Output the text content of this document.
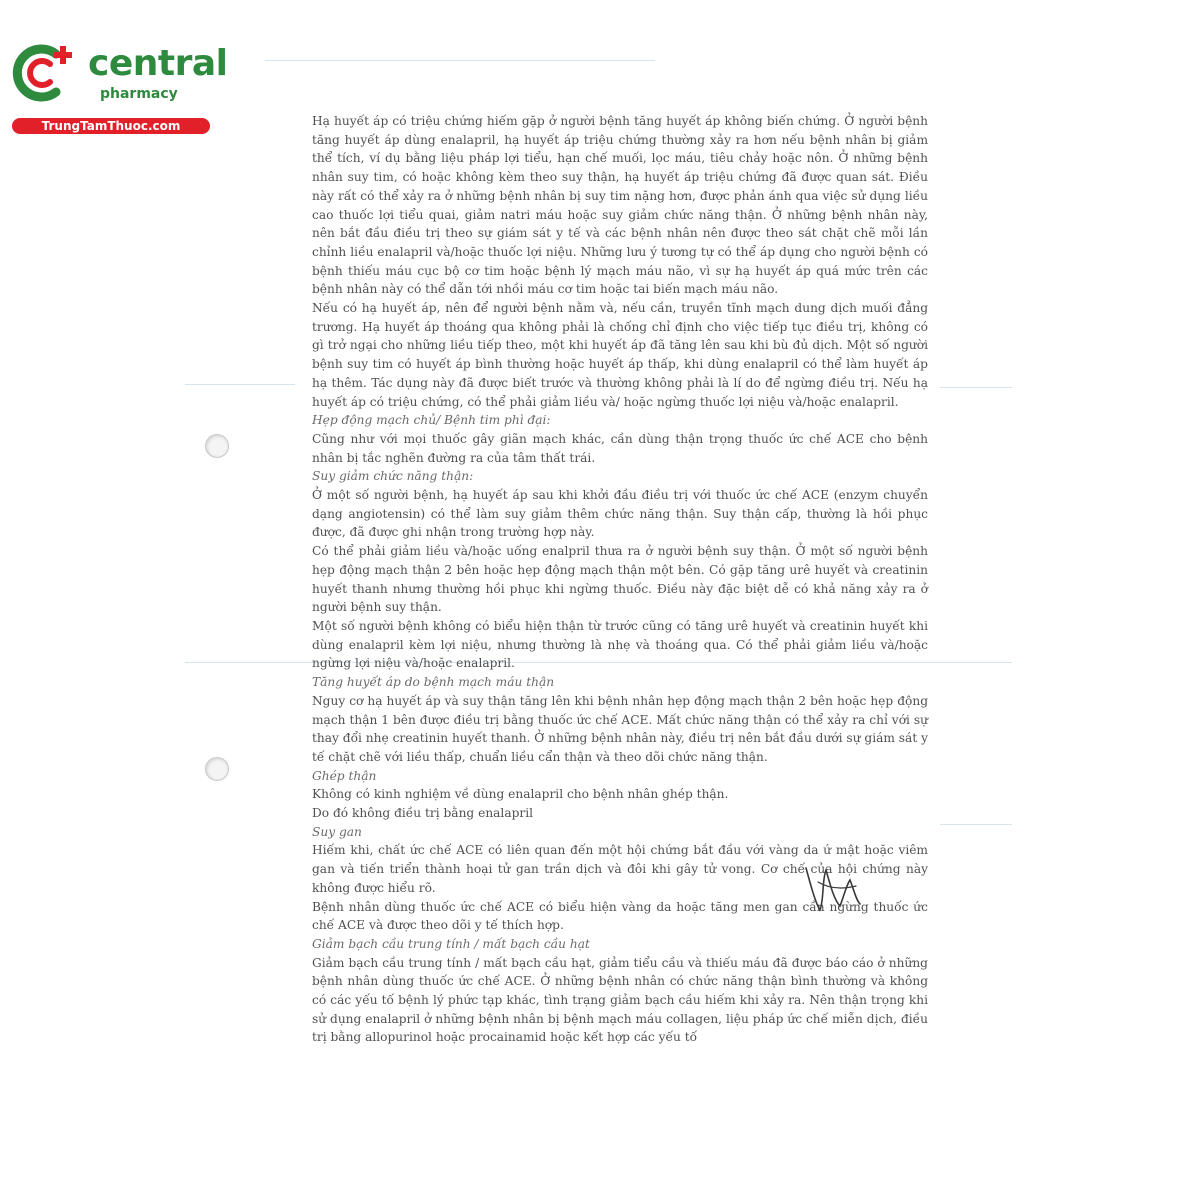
central
pharmacy
TrungTamThuoc.com	Hạ huyết áp có triệu chứng hiếm gặp ở người bệnh tăng huyết áp không biến chứng. Ở người bệnh tăng huyết áp dùng enalapril, hạ huyết áp triệu chứng thường xảy ra hơn nếu bệnh nhân bị giảm thể tích, ví dụ bằng liệu pháp lợi tiểu, hạn chế muối, lọc máu, tiêu chảy hoặc nôn. Ở những bệnh nhân suy tim, có hoặc không kèm theo suy thận, hạ huyết áp triệu chứng đã được quan sát. Điều này rất có thể xảy ra ở những bệnh nhân bị suy tim nặng hơn, được phản ánh qua việc sử dụng liều cao thuốc lợi tiểu quai, giảm natri máu hoặc suy giảm chức năng thận. Ở những bệnh nhân này, nên bắt đầu điều trị theo sự giám sát y tế và các bệnh nhân nên được theo sát chặt chẽ mỗi lần chỉnh liều enalapril và/hoặc thuốc lợi niệu. Những lưu ý tương tự có thể áp dụng cho người bệnh có bệnh thiếu máu cục bộ cơ tim hoặc bệnh lý mạch máu não, vì sự hạ huyết áp quá mức trên các bệnh nhân này có thể dẫn tới nhồi máu cơ tim hoặc tai biến mạch máu não.

Nếu có hạ huyết áp, nên để người bệnh nằm và, nếu cần, truyền tĩnh mạch dung dịch muối đẳng trương. Hạ huyết áp thoáng qua không phải là chống chỉ định cho việc tiếp tục điều trị, không có gì trở ngại cho những liều tiếp theo, một khi huyết áp đã tăng lên sau khi bù đủ dịch. Một số người bệnh suy tim có huyết áp bình thường hoặc huyết áp thấp, khi dùng enalapril có thể làm huyết áp hạ thêm. Tác dụng này đã được biết trước và thường không phải là lí do để ngừng điều trị. Nếu hạ huyết áp có triệu chứng, có thể phải giảm liều và/ hoặc ngừng thuốc lợi niệu và/hoặc enalapril.

Hẹp động mạch chủ/ Bệnh tim phì đại:

Cũng như với mọi thuốc gây giãn mạch khác, cần dùng thận trọng thuốc ức chế ACE cho bệnh nhân bị tắc nghẽn đường ra của tâm thất trái.

Suy giảm chức năng thận:

Ở một số người bệnh, hạ huyết áp sau khi khởi đầu điều trị với thuốc ức chế ACE (enzym chuyển dạng angiotensin) có thể làm suy giảm thêm chức năng thận. Suy thận cấp, thường là hồi phục được, đã được ghi nhận trong trường hợp này.

Có thể phải giảm liều và/hoặc uống enalpril thưa ra ở người bệnh suy thận. Ở một số người bệnh hẹp động mạch thận 2 bên hoặc hẹp động mạch thận một bên. Có gặp tăng urê huyết và creatinin huyết thanh nhưng thường hồi phục khi ngừng thuốc. Điều này đặc biệt dễ có khả năng xảy ra ở người bệnh suy thận.

Một số người bệnh không có biểu hiện thận từ trước cũng có tăng urê huyết và creatinin huyết khi dùng enalapril kèm lợi niệu, nhưng thường là nhẹ và thoáng qua. Có thể phải giảm liều và/hoặc ngừng lợi niệu và/hoặc enalapril.

Tăng huyết áp do bệnh mạch máu thận

Nguy cơ hạ huyết áp và suy thận tăng lên khi bệnh nhân hẹp động mạch thận 2 bên hoặc hẹp động mạch thận 1 bên được điều trị bằng thuốc ức chế ACE. Mất chức năng thận có thể xảy ra chỉ với sự thay đổi nhẹ creatinin huyết thanh. Ở những bệnh nhân này, điều trị nên bắt đầu dưới sự giám sát y tế chặt chẽ với liều thấp, chuẩn liều cẩn thận và theo dõi chức năng thận.

Ghép thận

Không có kinh nghiệm về dùng enalapril cho bệnh nhân ghép thận.

Do đó không điều trị bằng enalapril

Suy gan

Hiếm khi, chất ức chế ACE có liên quan đến một hội chứng bắt đầu với vàng da ứ mật hoặc viêm gan và tiến triển thành hoại tử gan trần dịch và đôi khi gây tử vong. Cơ chế của hội chứng này không được hiểu rõ.

Bệnh nhân dùng thuốc ức chế ACE có biểu hiện vàng da hoặc tăng men gan cần ngừng thuốc ức chế ACE và được theo dõi y tế thích hợp.

Giảm bạch cầu trung tính / mất bạch cầu hạt

Giảm bạch cầu trung tính / mất bạch cầu hạt, giảm tiểu cầu và thiếu máu đã được báo cáo ở những bệnh nhân dùng thuốc ức chế ACE. Ở những bệnh nhân có chức năng thận bình thường và không có các yếu tố bệnh lý phức tạp khác, tình trạng giảm bạch cầu hiếm khi xảy ra. Nên thận trọng khi sử dụng enalapril ở những bệnh nhân bị bệnh mạch máu collagen, liệu pháp ức chế miễn dịch, điều trị bằng allopurinol hoặc procainamid hoặc kết hợp các yếu tố
